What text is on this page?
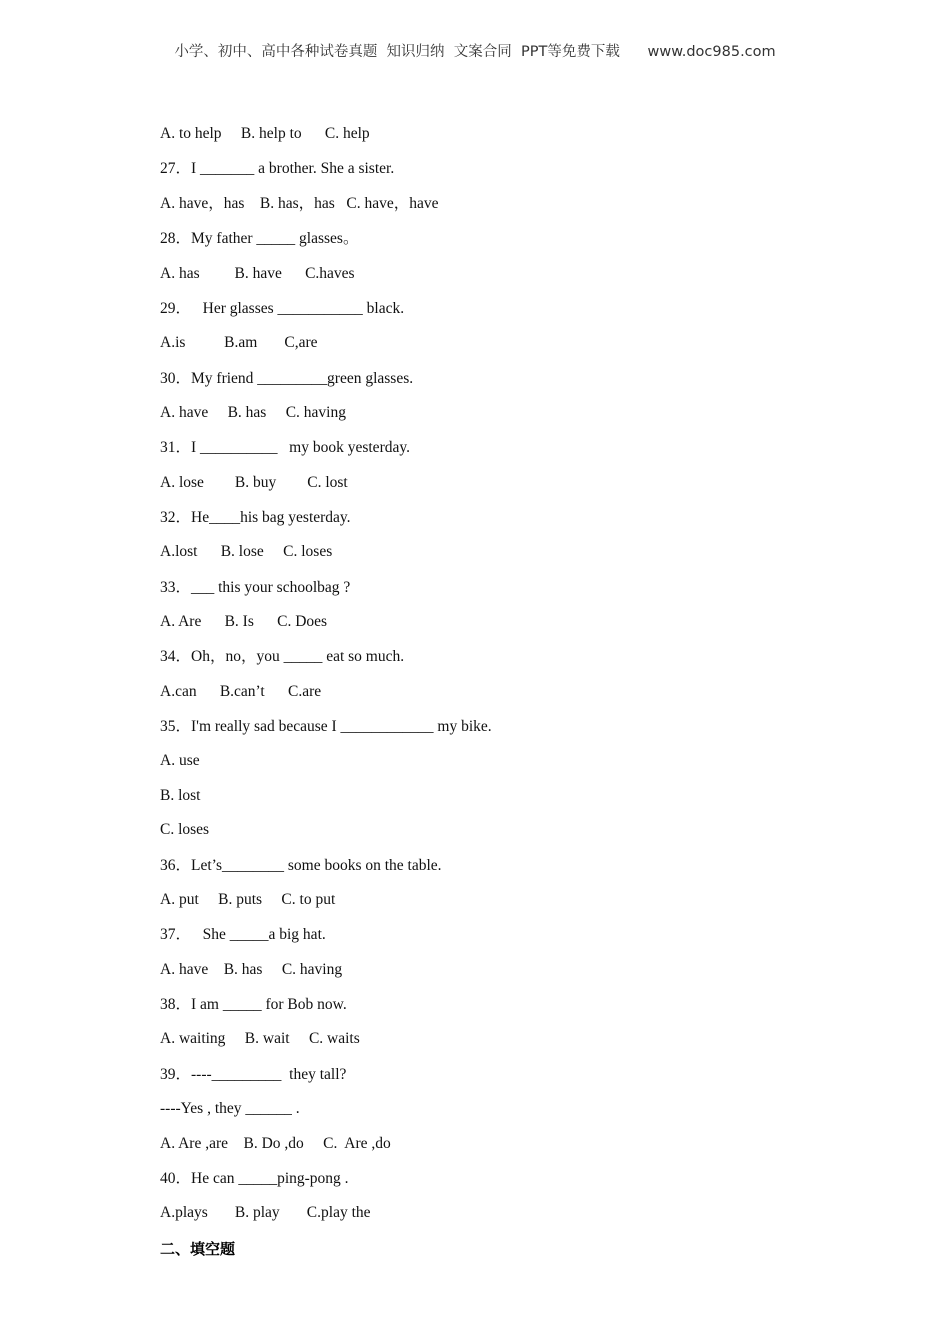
小学、初中、高中各种试卷真题  知识归纳  文案合同  PPT等免费下载      www.doc985.com
A. to help     B. help to      C. help
27．I _______ a brother. She a sister.
A. have，has    B. has，has   C. have，have
28．My father _____ glasses。
A. has         B. have      C.haves
29．   Her glasses ___________ black.
A.is          B.am       C,are
30．My friend _________green glasses.
A. have     B. has     C. having
31．I __________   my book yesterday.
A. lose        B. buy        C. lost
32．He____his bag yesterday.
A.lost      B. lose     C. loses
33．___ this your schoolbag ?
A. Are      B. Is      C. Does
34．Oh，no，you _____ eat so much.
A.can      B.can’t      C.are
35．I'm really sad because I ____________ my bike.
A. use
B. lost
C. loses
36．Let’s________ some books on the table.
A. put     B. puts     C. to put
37．   She _____a big hat.
A. have    B. has     C. having
38．I am _____ for Bob now.
A. waiting     B. wait     C. waits
39．----_________  they tall?
----Yes , they ______ .
A. Are ,are    B. Do ,do     C.  Are ,do
40．He can _____ping-pong .
A.plays       B. play       C.play the
二、填空题
